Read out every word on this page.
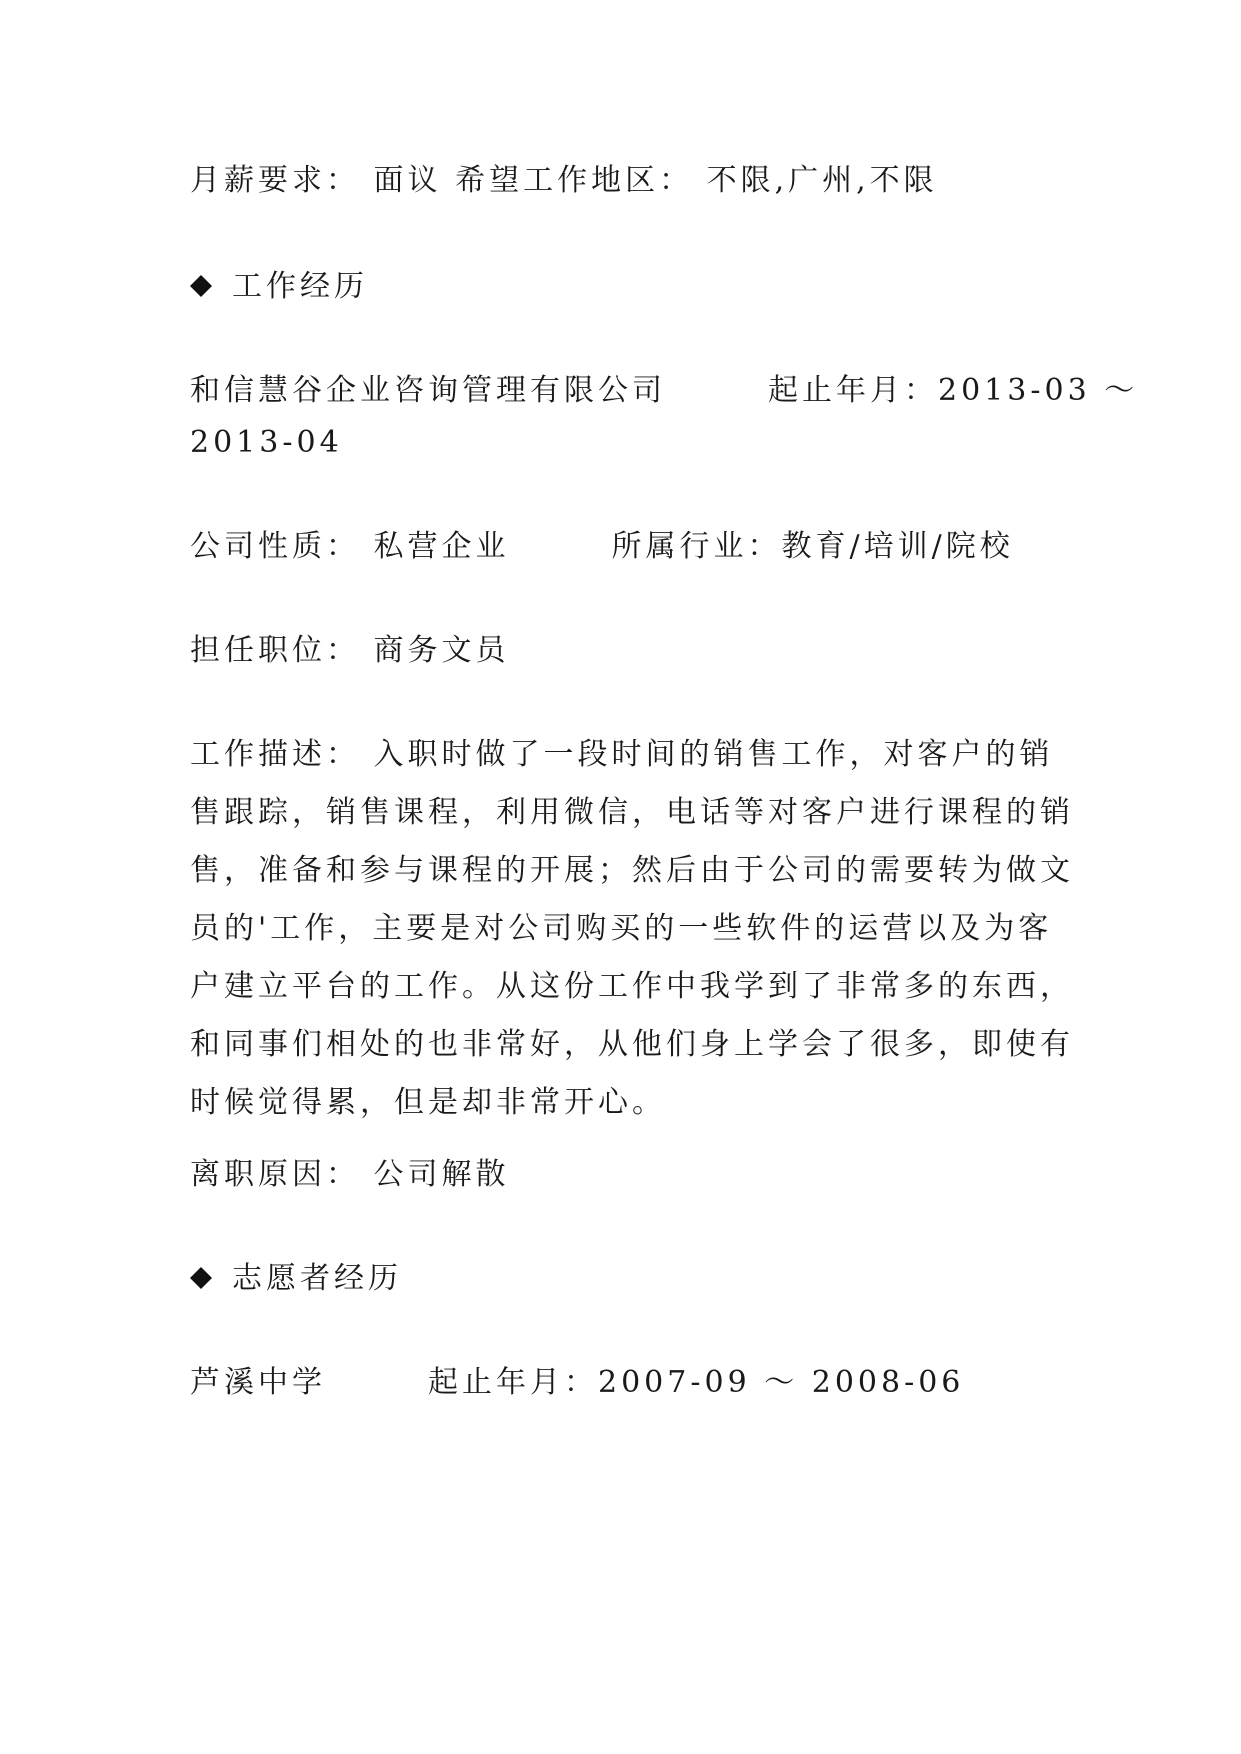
月薪要求： 面议 希望工作地区： 不限,广州,不限

工作经历

和信慧谷企业咨询管理有限公司　　　起止年月：2013-03 ～

2013-04

公司性质： 私营企业　　　所属行业：教育/培训/院校

担任职位： 商务文员

工作描述： 入职时做了一段时间的销售工作，对客户的销
售跟踪，销售课程，利用微信，电话等对客户进行课程的销
售，准备和参与课程的开展；然后由于公司的需要转为做文
员的'工作，主要是对公司购买的一些软件的运营以及为客
户建立平台的工作。从这份工作中我学到了非常多的东西，
和同事们相处的也非常好，从他们身上学会了很多，即使有
时候觉得累，但是却非常开心。

离职原因： 公司解散

志愿者经历

芦溪中学　　　起止年月：2007-09 ～ 2008-06
